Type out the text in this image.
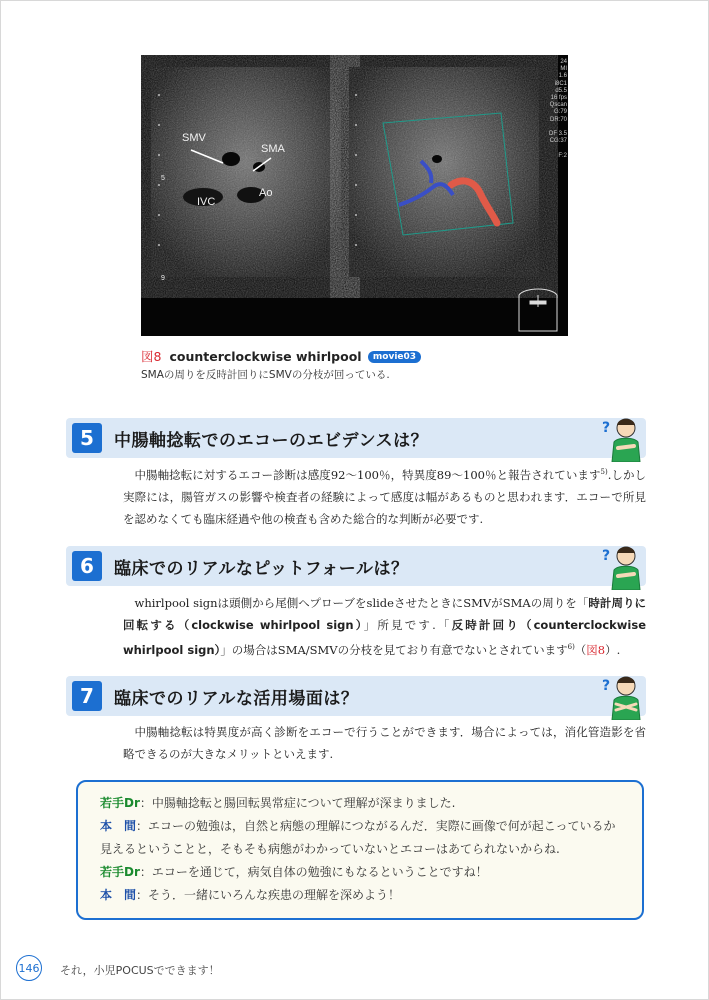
SMV
SMA
IVC
Ao
5
9
24
MI
1.6
i8C1
d5.5
16 fps
Qscan
G:79
DR:70

DF 3.5
CG:37

F:2
図8 counterclockwise whirlpool movie03
SMAの周りを反時計回りにSMVの分枝が回っている.
5	中腸軸捻転でのエコーのエビデンスは？
?

中腸軸捻転に対するエコー診断は感度92～100％，特異度89～100％と報告されています$^{5)}$.しかし実際には，腸管ガスの影響や検査者の経験によって感度は幅があるものと思われます．エコーで所見を認めなくても臨床経過や他の検査も含めた総合的な判断が必要です.

6	臨床でのリアルなピットフォールは？
?

whirlpool signは頭側から尾側へプローブをslideさせたときにSMVがSMAの周りを「時計周りに回転する（clockwise whirlpool sign）」所見です.「反時計回り（counterclockwise whirlpool sign）」の場合はSMA/SMVの分枝を見ており有意でないとされています$^{6)}$（図8）.

7	臨床でのリアルな活用場面は？
?

中腸軸捻転は特異度が高く診断をエコーで行うことができます．場合によっては，消化管造影を省略できるのが大きなメリットといえます.

若手Dr：中腸軸捻転と腸回転異常症について理解が深まりました.
本　間：エコーの勉強は，自然と病態の理解につながるんだ．実際に画像で何が起こっているか見えるということと，そもそも病態がわかっていないとエコーはあてられないからね.
若手Dr：エコーを通じて，病気自体の勉強にもなるということですね！
本　間：そう．一緒にいろんな疾患の理解を深めよう！
146 それ，小児POCUSでできます！
